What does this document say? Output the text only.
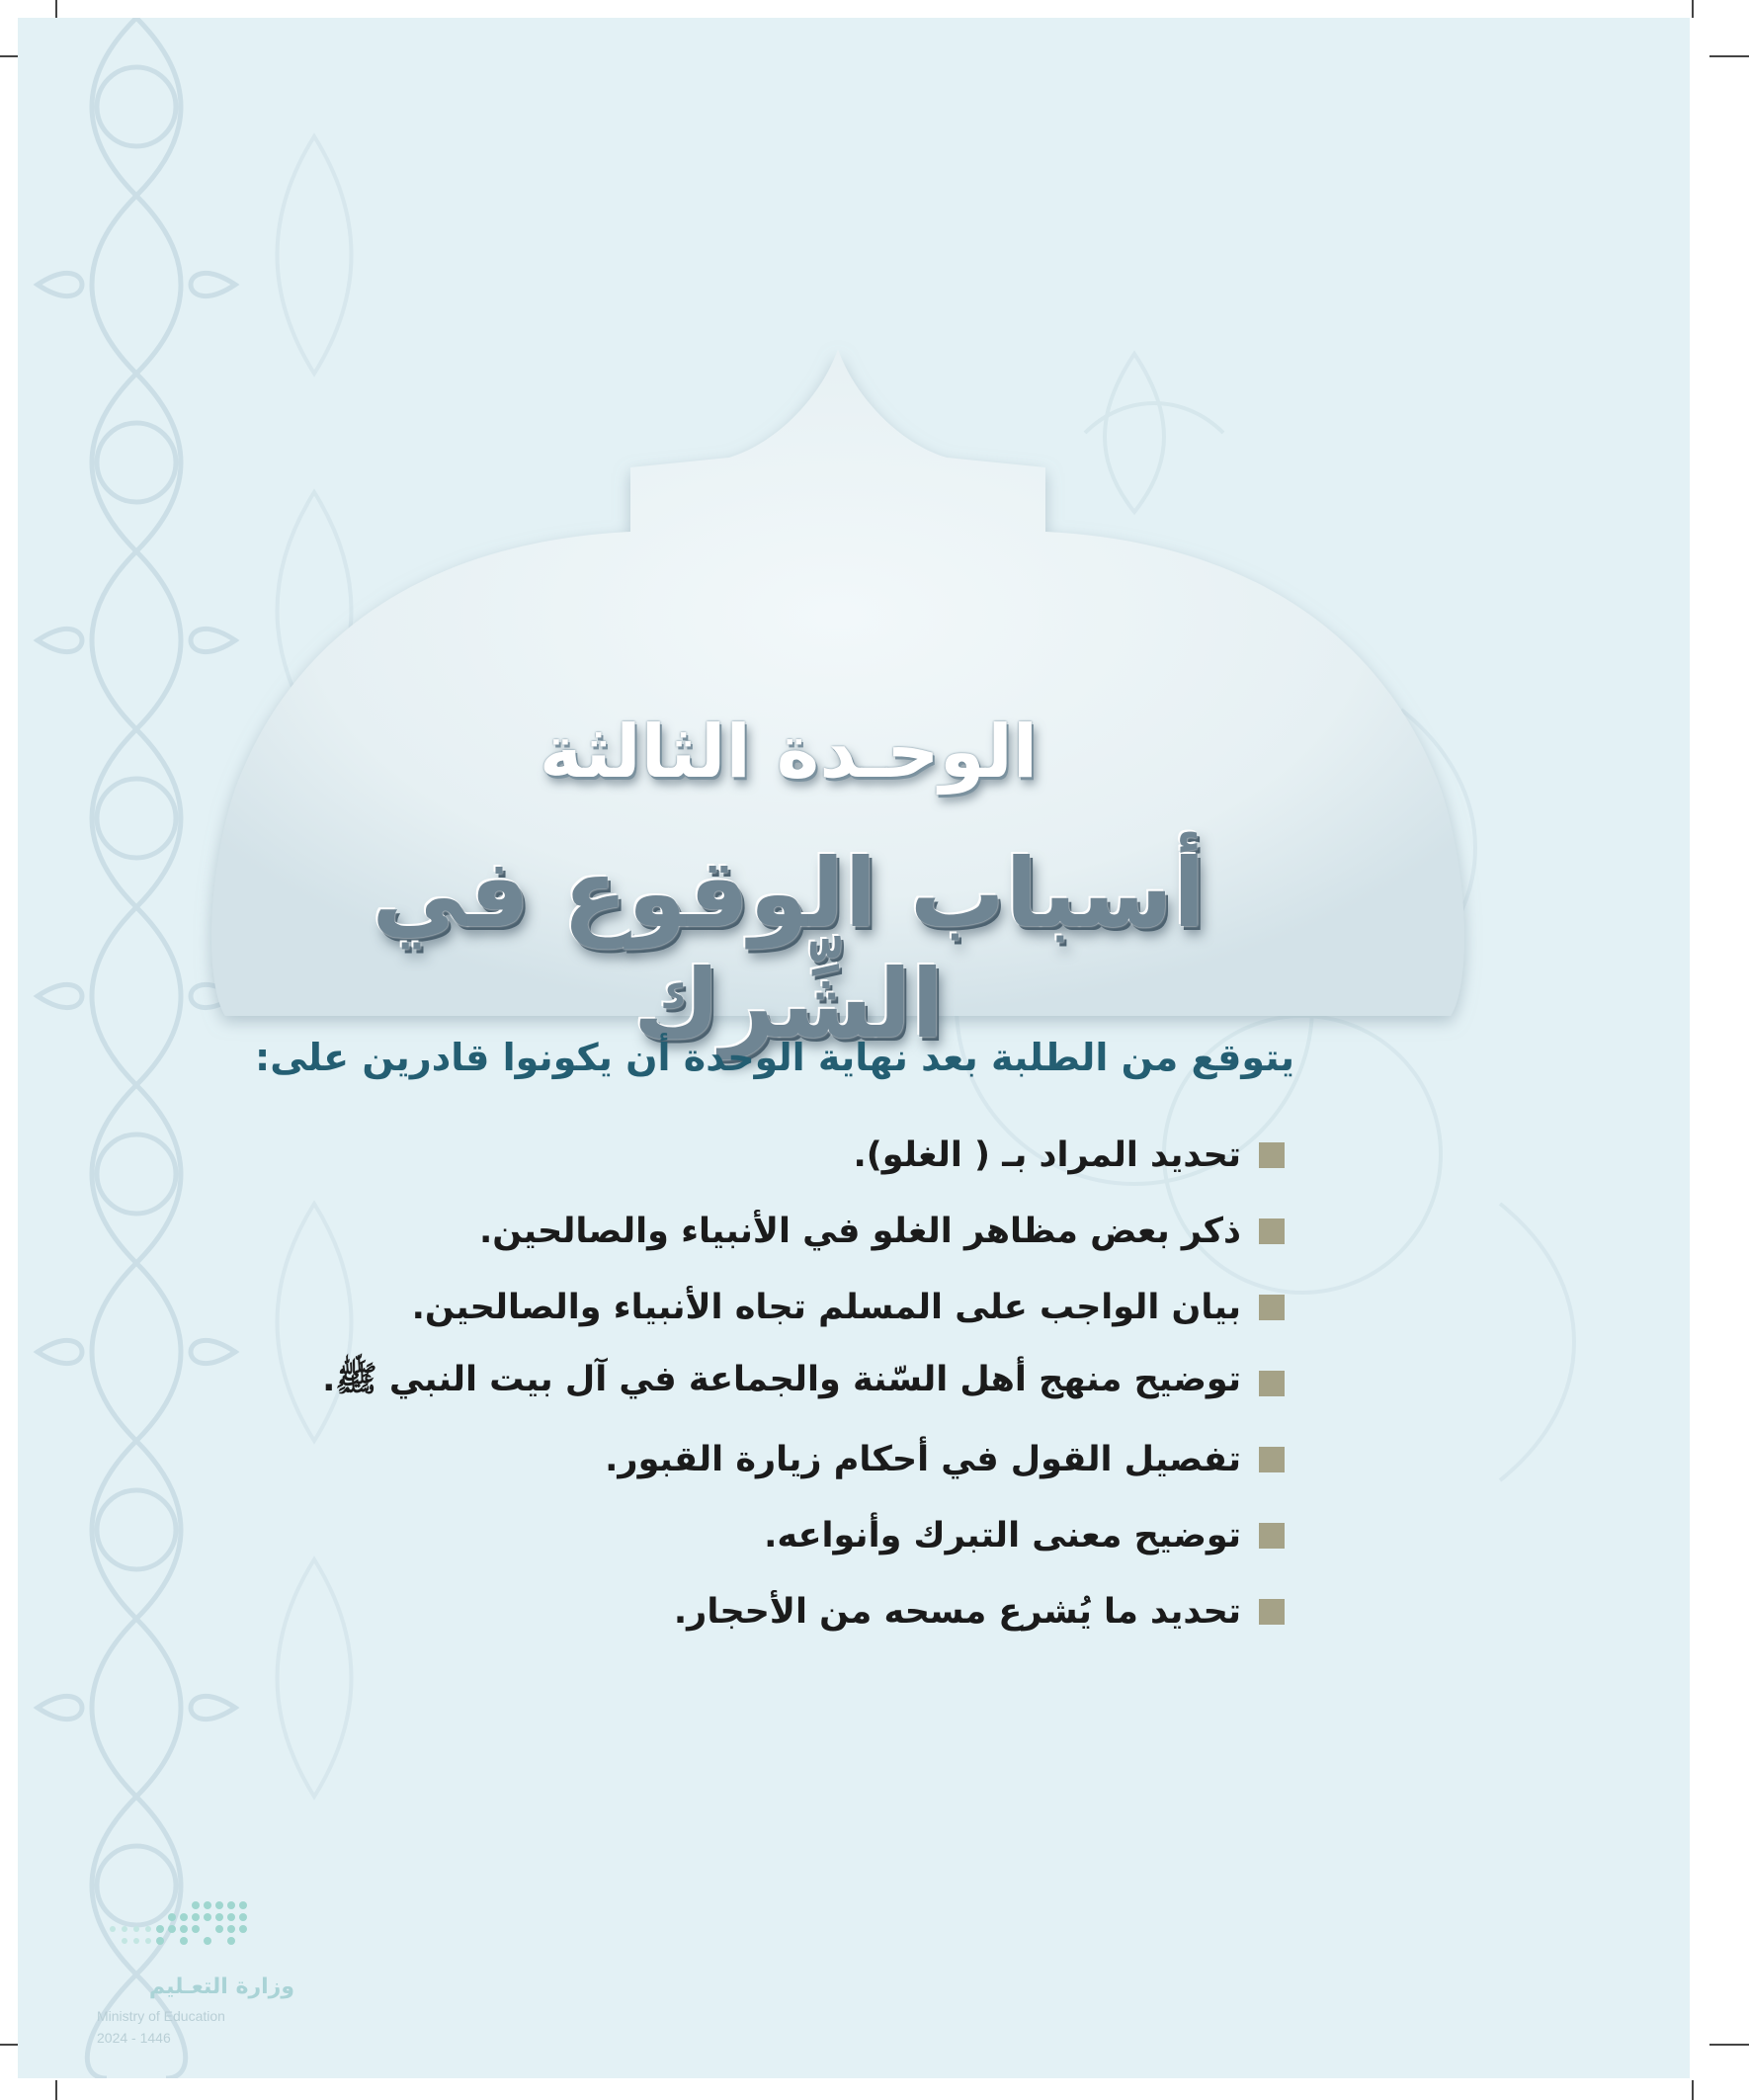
الوحـدة الثالثة
أسباب الوقوع في الشِّرك
يتوقع من الطلبة بعد نهاية الوحدة أن يكونوا قادرين على:
تحديد المراد بـ ( الغلو).
ذكر بعض مظاهر الغلو في الأنبياء والصالحين.
بيان الواجب على المسلم تجاه الأنبياء والصالحين.
توضيح منهج أهل السّنة والجماعة في آل بيت النبي ﷺ.
تفصيل القول في أحكام زيارة القبور.
توضيح معنى التبرك وأنواعه.
تحديد ما يُشرع مسحه من الأحجار.
وزارة التعـليم
Ministry of Education
2024 - 1446
